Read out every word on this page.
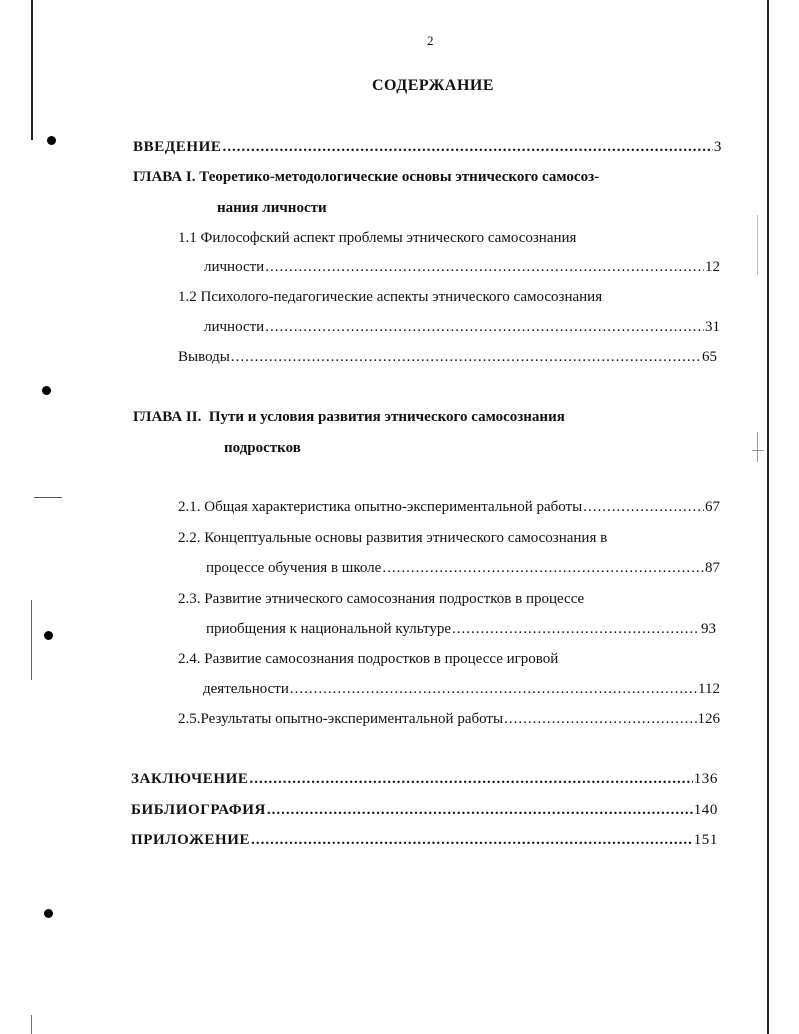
2
СОДЕРЖАНИЕ
ВВЕДЕНИЕ .....	3
ГЛАВА I. Теоретико-методологические основы этнического самосоз-
нания личности
1.1 Философский аспект проблемы этнического самосознания
личности .....	12
1.2 Психолого-педагогические аспекты этнического самосознания
личности .....	31
Выводы .....	65
ГЛАВА II.  Пути и условия развития этнического самосознания
подростков
2.1. Общая характеристика опытно-экспериментальной работы .....	67
2.2. Концептуальные основы развития этнического самосознания в
процессе обучения в школе .....	87
2.3. Развитие этнического самосознания подростков в процессе
приобщения к национальной культуре .....	93
2.4. Развитие самосознания подростков в процессе игровой
деятельности .....	112
2.5.Результаты опытно-экспериментальной работы .....	126
ЗАКЛЮЧЕНИЕ .....	136
БИБЛИОГРАФИЯ .....	140
ПРИЛОЖЕНИЕ .....	151
